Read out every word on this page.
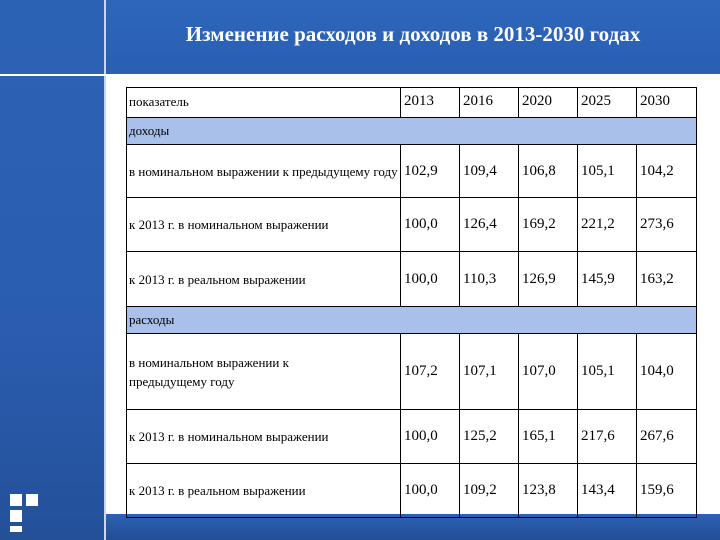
Изменение расходов и доходов в 2013-2030 годах
показатель	2013	2016	2020	2025	2030
доходы					
в номинальном выражении к предыдущему году	102,9	109,4	106,8	105,1	104,2
к 2013 г. в номинальном выражении	100,0	126,4	169,2	221,2	273,6
к 2013 г. в реальном выражении	100,0	110,3	126,9	145,9	163,2
расходы					

в номинальном выражении к предыдущему году	107,2	107,1	107,0	105,1	104,0
к 2013 г. в номинальном выражении	100,0	125,2	165,1	217,6	267,6
к 2013 г. в реальном выражении	100,0	109,2	123,8	143,4	159,6
